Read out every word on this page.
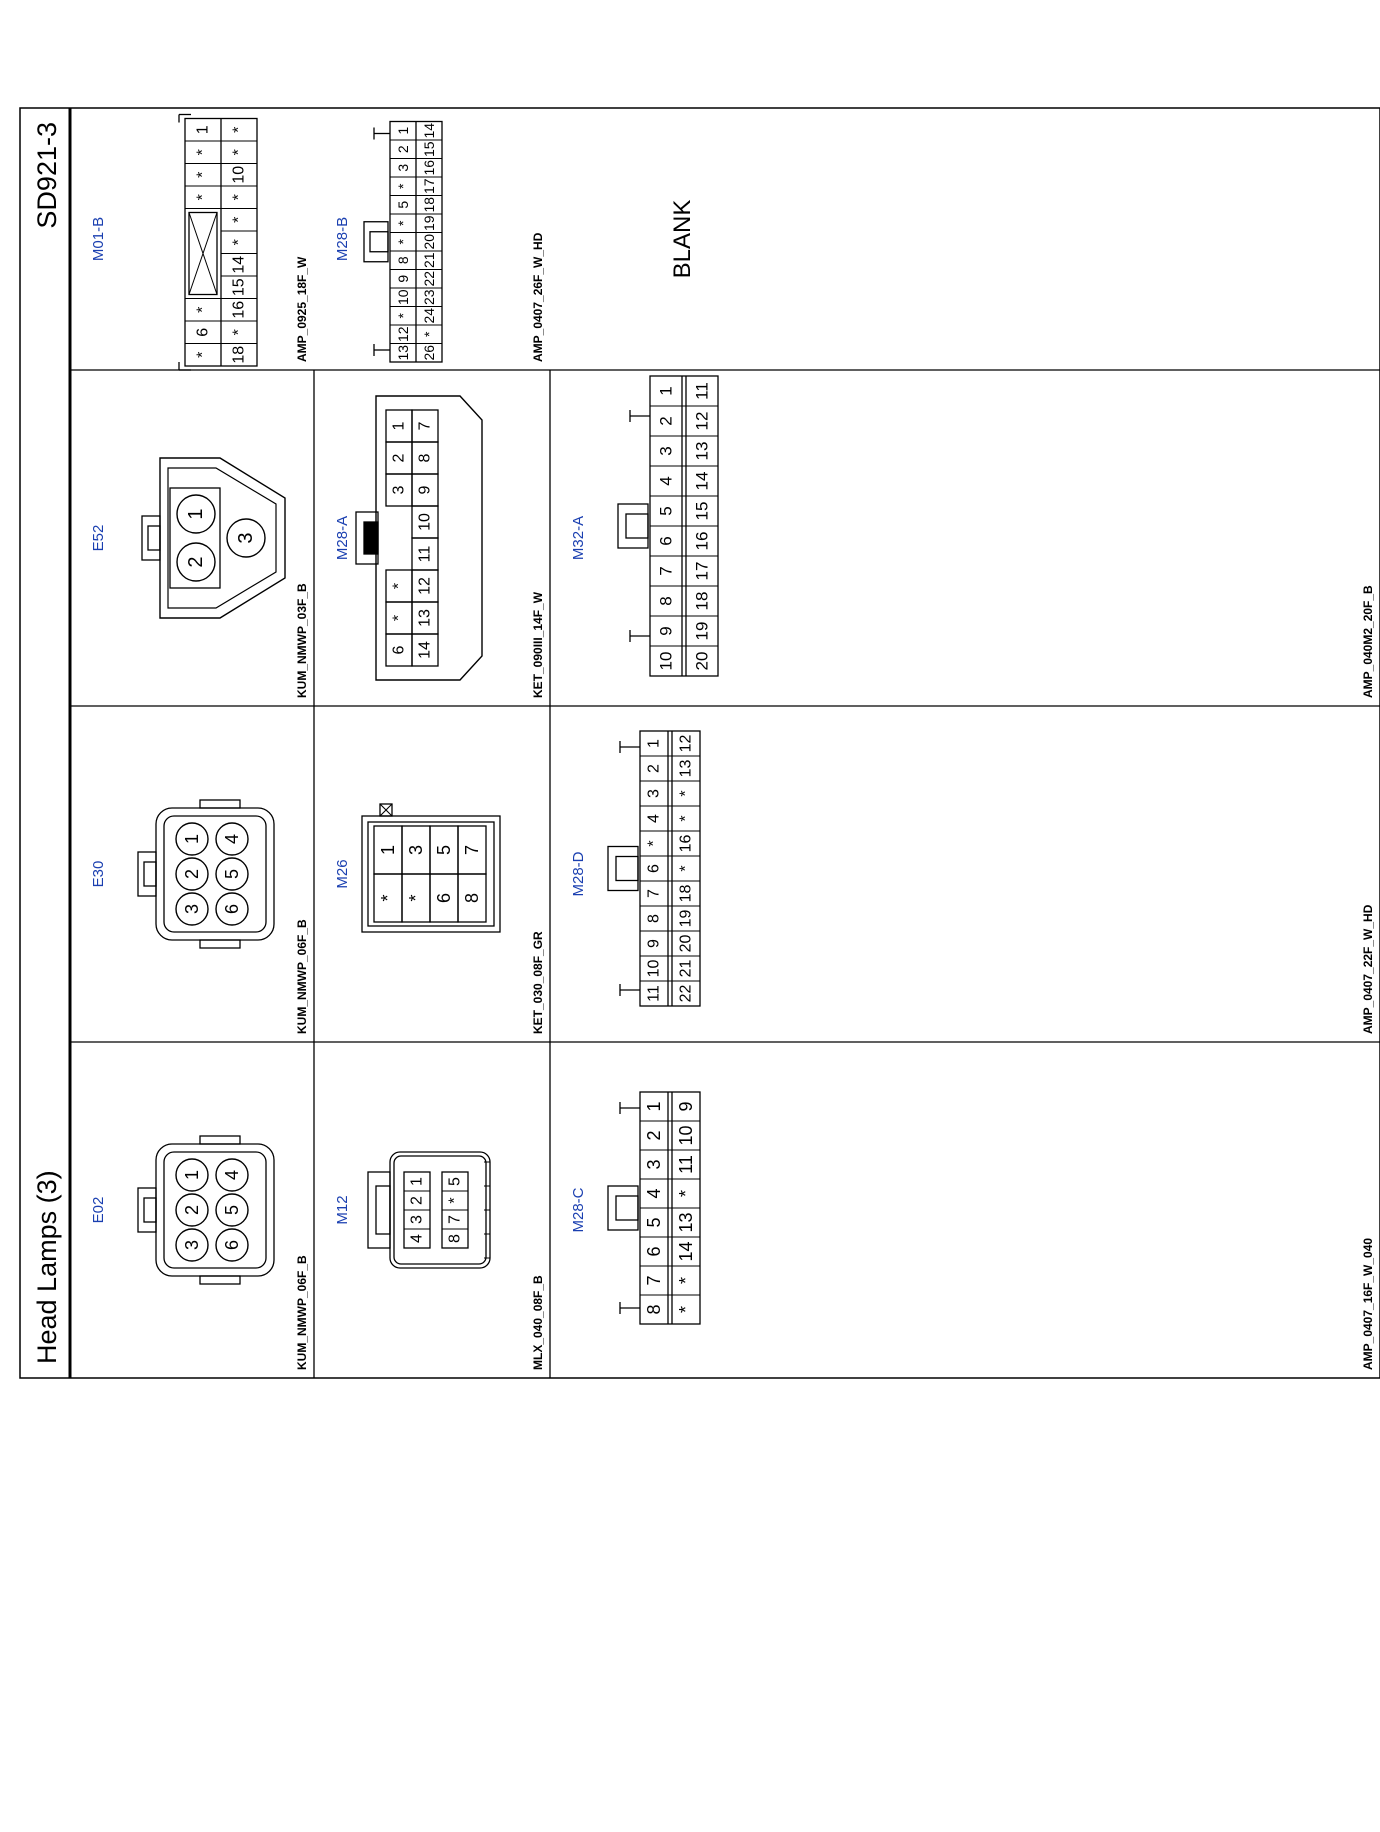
Head Lamps (3)
SD921-3
E02
KUM_NMWP_06F_B
3
2
1
6
5
4
E30
KUM_NMWP_06F_B
3
2
1
6
5
4
E52
KUM_NMWP_03F_B
2
1
3
M01-B
AMP_0925_18F_W
*
6
*
*
*
*
1
18
*
16
15
14
*
*
*
10
*
*
M12
MLX_040_08F_B
4
3
2
1
8
7
*
5
M26
KET_030_08F_GR
*
1
*
3
6
5
8
7
M28-A
KET_090III_14F_W
6
*
*
3
2
1
14
13
12
11
10
9
8
7
M28-B	AMP_0407_26F_W_HD
13
12
*
10
9
8
*
*
5
*
3
2
1
26
*
24
23
22
21
20
19
18
17
16
15
14
M28-C
AMP_0407_16F_W_040
8
7
6
5
4
3
2
1
*
*
14
13
*
11
10
9
M28-D
AMP_0407_22F_W_HD
11
10
9
8
7
6
*
4
3
2
1
22
21
20
19
18
*
16
*
*
13
12
M32-A
AMP_040M2_20F_B
10
9
8
7
6
5
4
3
2
1
20
19
18
17
16
15
14
13
12
11
BLANK
